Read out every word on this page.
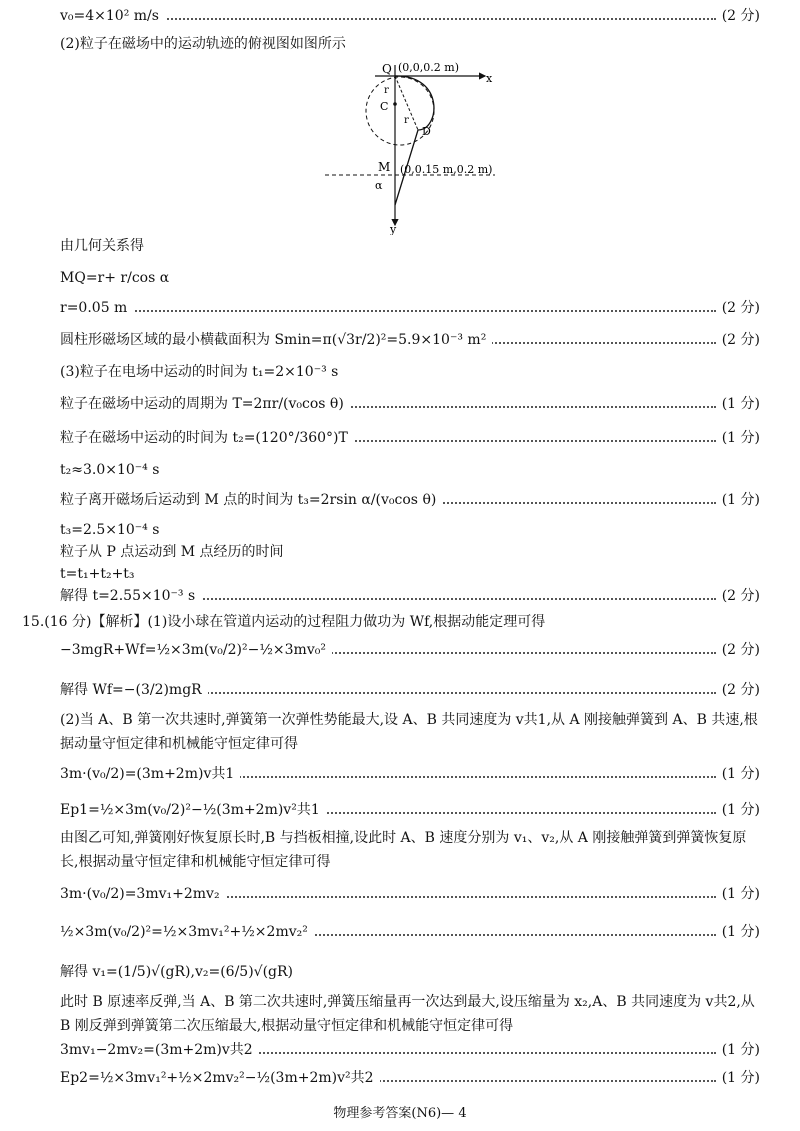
v₀=4×10² m/s	(2 分)
(2)粒子在磁场中的运动轨迹的俯视图如图所示
Q (0,0,0.2 m)
x
y
C
D
r
r
M (0,0.15 m,0.2 m)
α
由几何关系得
MQ=r+ r/cos α
r=0.05 m	(2 分)
圆柱形磁场区域的最小横截面积为 Smin=π(√3r/2)²=5.9×10⁻³ m²	(2 分)
(3)粒子在电场中运动的时间为 t₁=2×10⁻³ s
粒子在磁场中运动的周期为 T=2πr/(v₀cos θ)	(1 分)
粒子在磁场中运动的时间为 t₂=(120°/360°)T	(1 分)
t₂≈3.0×10⁻⁴ s
粒子离开磁场后运动到 M 点的时间为 t₃=2rsin α/(v₀cos θ)	(1 分)
t₃=2.5×10⁻⁴ s
粒子从 P 点运动到 M 点经历的时间
t=t₁+t₂+t₃
解得 t=2.55×10⁻³ s	(2 分)
15.(16 分)【解析】(1)设小球在管道内运动的过程阻力做功为 Wf,根据动能定理可得
−3mgR+Wf=½×3m(v₀/2)²−½×3mv₀²	(2 分)
解得 Wf=−(3/2)mgR	(2 分)
(2)当 A、B 第一次共速时,弹簧第一次弹性势能最大,设 A、B 共同速度为 v共1,从 A 刚接触弹簧到 A、B 共速,根据动量守恒定律和机械能守恒定律可得
3m·(v₀/2)=(3m+2m)v共1	(1 分)
Ep1=½×3m(v₀/2)²−½(3m+2m)v²共1	(1 分)
由图乙可知,弹簧刚好恢复原长时,B 与挡板相撞,设此时 A、B 速度分别为 v₁、v₂,从 A 刚接触弹簧到弹簧恢复原长,根据动量守恒定律和机械能守恒定律可得
3m·(v₀/2)=3mv₁+2mv₂	(1 分)
½×3m(v₀/2)²=½×3mv₁²+½×2mv₂²	(1 分)
解得 v₁=(1/5)√(gR),v₂=(6/5)√(gR)
此时 B 原速率反弹,当 A、B 第二次共速时,弹簧压缩量再一次达到最大,设压缩量为 x₂,A、B 共同速度为 v共2,从 B 刚反弹到弹簧第二次压缩最大,根据动量守恒定律和机械能守恒定律可得
3mv₁−2mv₂=(3m+2m)v共2	(1 分)
Ep2=½×3mv₁²+½×2mv₂²−½(3m+2m)v²共2	(1 分)
物理参考答案(N6)— 4
